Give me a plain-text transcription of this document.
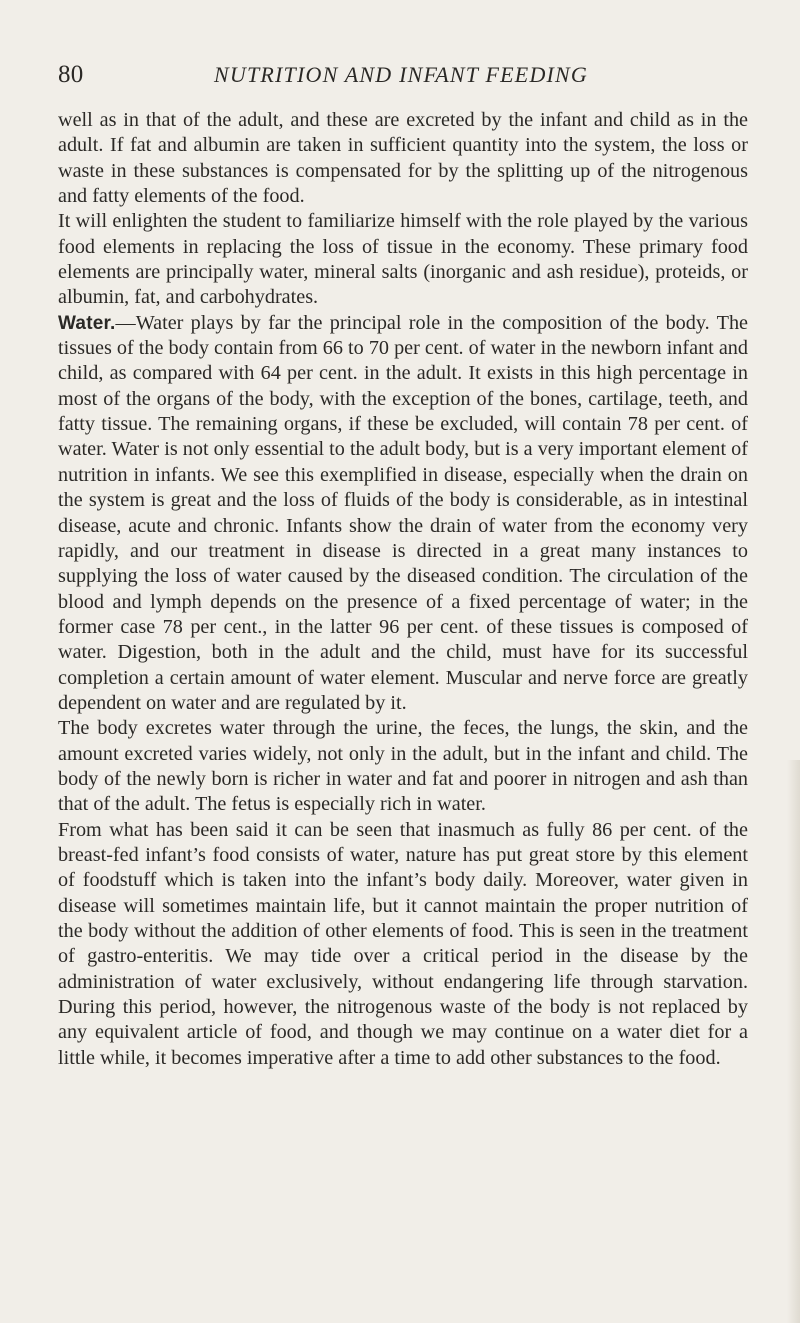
80	NUTRITION AND INFANT FEEDING

well as in that of the adult, and these are excreted by the infant and child as in the adult. If fat and albumin are taken in sufficient quantity into the system, the loss or waste in these substances is compensated for by the splitting up of the nitrogenous and fatty elements of the food.

It will enlighten the student to familiarize himself with the role played by the various food elements in replacing the loss of tissue in the economy. These primary food elements are principally water, mineral salts (inorganic and ash residue), proteids, or albumin, fat, and carbohydrates.

Water.—Water plays by far the principal role in the composition of the body. The tissues of the body contain from 66 to 70 per cent. of water in the newborn infant and child, as compared with 64 per cent. in the adult. It exists in this high percentage in most of the organs of the body, with the exception of the bones, cartilage, teeth, and fatty tissue. The remaining organs, if these be excluded, will contain 78 per cent. of water. Water is not only essential to the adult body, but is a very important element of nutrition in infants. We see this exemplified in disease, especially when the drain on the system is great and the loss of fluids of the body is considerable, as in intestinal disease, acute and chronic. Infants show the drain of water from the economy very rapidly, and our treatment in disease is directed in a great many instances to supplying the loss of water caused by the diseased condition. The circulation of the blood and lymph depends on the presence of a fixed percentage of water; in the former case 78 per cent., in the latter 96 per cent. of these tissues is composed of water. Digestion, both in the adult and the child, must have for its successful completion a certain amount of water element. Muscular and nerve force are greatly dependent on water and are regulated by it.

The body excretes water through the urine, the feces, the lungs, the skin, and the amount excreted varies widely, not only in the adult, but in the infant and child. The body of the newly born is richer in water and fat and poorer in nitrogen and ash than that of the adult. The fetus is especially rich in water.

From what has been said it can be seen that inasmuch as fully 86 per cent. of the breast-fed infant’s food consists of water, nature has put great store by this element of foodstuff which is taken into the infant’s body daily. Moreover, water given in disease will sometimes maintain life, but it cannot maintain the proper nutrition of the body without the addition of other elements of food. This is seen in the treatment of gastro-enteritis. We may tide over a critical period in the disease by the administration of water exclusively, without endangering life through starvation. During this period, however, the nitrogenous waste of the body is not replaced by any equivalent article of food, and though we may continue on a water diet for a little while, it becomes imperative after a time to add other substances to the food.
